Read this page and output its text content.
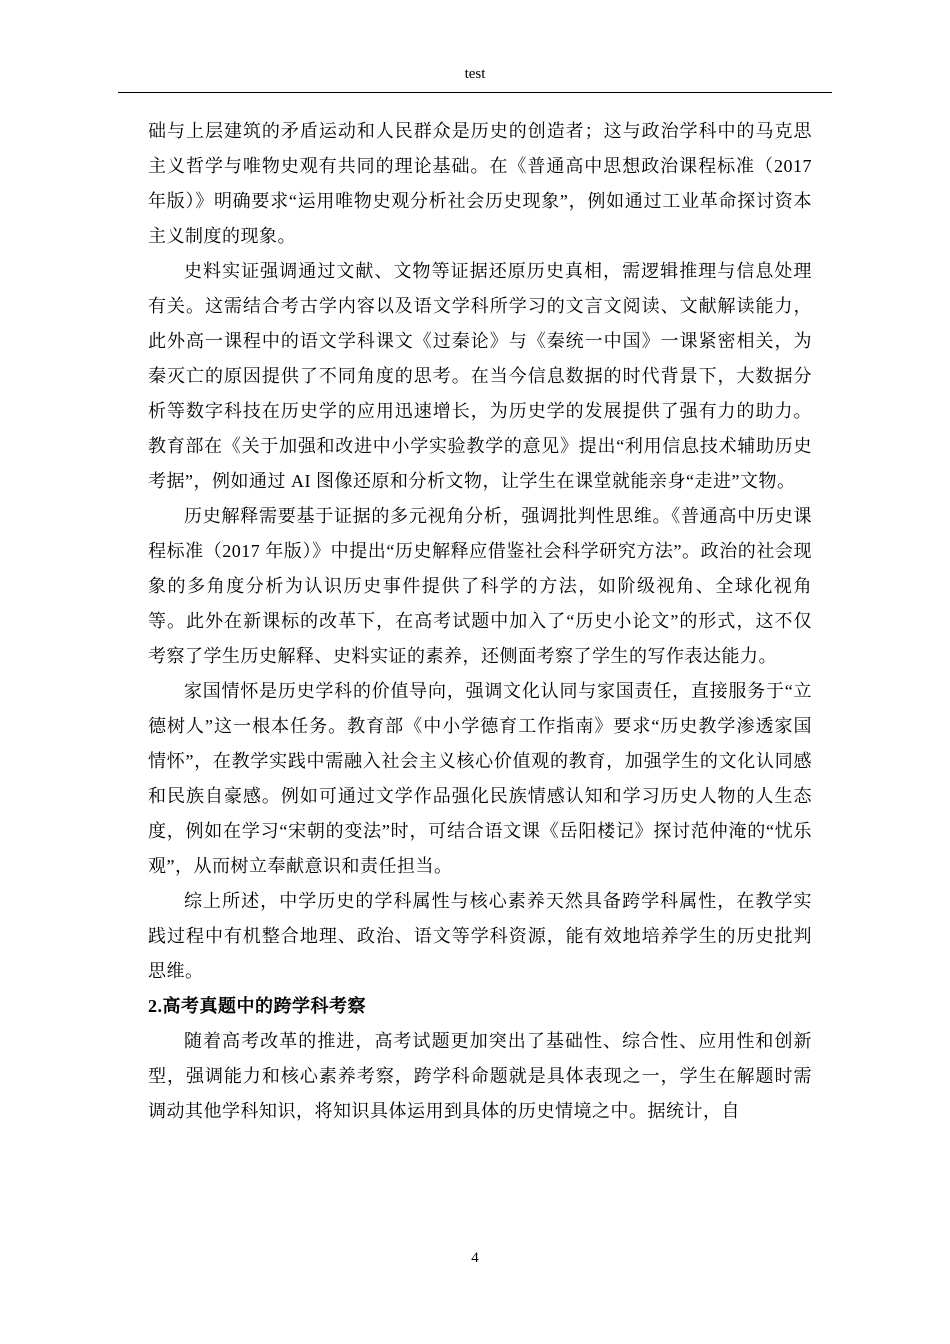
test

础与上层建筑的矛盾运动和人民群众是历史的创造者；这与政治学科中的马克思主义哲学与唯物史观有共同的理论基础。在《普通高中思想政治课程标准（2017 年版）》明确要求“运用唯物史观分析社会历史现象”，例如通过工业革命探讨资本主义制度的现象。

史料实证强调通过文献、文物等证据还原历史真相，需逻辑推理与信息处理有关。这需结合考古学内容以及语文学科所学习的文言文阅读、文献解读能力，此外高一课程中的语文学科课文《过秦论》与《秦统一中国》一课紧密相关，为秦灭亡的原因提供了不同角度的思考。在当今信息数据的时代背景下，大数据分析等数字科技在历史学的应用迅速增长，为历史学的发展提供了强有力的助力。教育部在《关于加强和改进中小学实验教学的意见》提出“利用信息技术辅助历史考据”，例如通过 AI 图像还原和分析文物，让学生在课堂就能亲身“走进”文物。

历史解释需要基于证据的多元视角分析，强调批判性思维。《普通高中历史课程标准（2017 年版）》中提出“历史解释应借鉴社会科学研究方法”。政治的社会现象的多角度分析为认识历史事件提供了科学的方法，如阶级视角、全球化视角等。此外在新课标的改革下，在高考试题中加入了“历史小论文”的形式，这不仅考察了学生历史解释、史料实证的素养，还侧面考察了学生的写作表达能力。

家国情怀是历史学科的价值导向，强调文化认同与家国责任，直接服务于“立德树人”这一根本任务。教育部《中小学德育工作指南》要求“历史教学渗透家国情怀”，在教学实践中需融入社会主义核心价值观的教育，加强学生的文化认同感和民族自豪感。例如可通过文学作品强化民族情感认知和学习历史人物的人生态度，例如在学习“宋朝的变法”时，可结合语文课《岳阳楼记》探讨范仲淹的“忧乐观”，从而树立奉献意识和责任担当。

综上所述，中学历史的学科属性与核心素养天然具备跨学科属性，在教学实践过程中有机整合地理、政治、语文等学科资源，能有效地培养学生的历史批判思维。

2.高考真题中的跨学科考察

随着高考改革的推进，高考试题更加突出了基础性、综合性、应用性和创新型，强调能力和核心素养考察，跨学科命题就是具体表现之一，学生在解题时需调动其他学科知识，将知识具体运用到具体的历史情境之中。据统计，自

4
